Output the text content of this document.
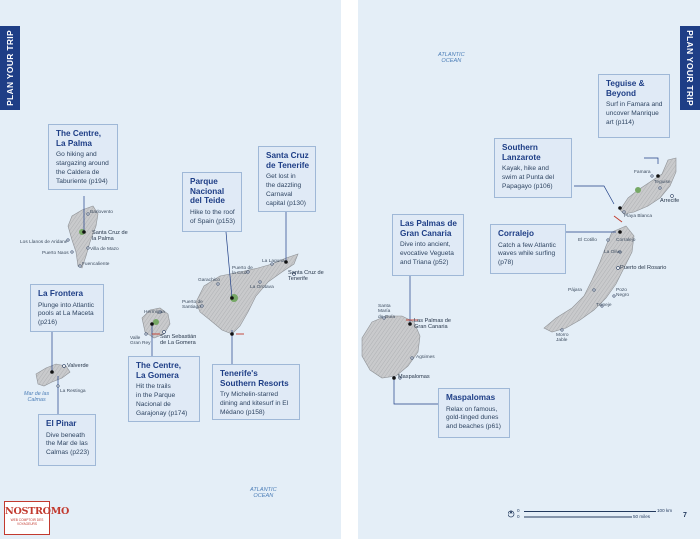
PLAN YOUR TRIP	PLAN YOUR TRIP
ATLANTIC
OCEAN
ATLANTIC
OCEAN
Mar de las
Calmas
The Centre,
La Palma

Go hiking and
stargazing around
the Caldera de
Taburiente (p194)

La Frontera

Plunge into Atlantic
pools at La Maceta
(p216)

El Pinar

Dive beneath
the Mar de las
Calmas (p223)

Parque
Nacional
del Teide

Hike to the roof
of Spain (p153)

Santa Cruz
de Tenerife

Get lost in
the dazzling
Carnaval
capital (p130)

The Centre,
La Gomera

Hit the trails
in the Parque
Nacional de
Garajonay (p174)

Tenerife's
Southern Resorts

Try Michelin-starred
dining and kitesurf in El
Médano (p158)

Las Palmas de
Gran Canaria

Dive into ancient,
evocative Vegueta
and Triana (p52)

Maspalomas

Relax on famous,
gold-tinged dunes
and beaches (p61)

Teguise &
Beyond

Surf in Famara and
uncover Manrique
art (p114)

Southern
Lanzarote

Kayak, hike and
swim at Punta del
Papagayo (p106)

Corralejo

Catch a few Atlantic
waves while surfing
(p78)

Barlovento
Santa Cruz de
la Palma
Los Llanos de Aridane
Villa de Mazo
Puerto Naos
Fuencaliente
Valverde
La Restinga
Hermigua
Valle
Gran Rey
San Sebastián
de La Gomera
Garachico
La Laguna
Puerto de
la Cruz
La Orotava
Santa Cruz de
Tenerife
Puerto de
Santiago	Santa
María
de Guía
Las Palmas de
Gran Canaria
Agüimes
Maspalomas
Famara
Teguise
Arrecife
Playa Blanca
El Cotillo	Corralejo
La Oliva
Puerto del Rosario
Pájara
Tuineje
Pozo
Negro
Morro
Jable
0
0
100 km
50 miles	7
NOSTROMO
WEB COMPTOIR DES VOYAGEURS
